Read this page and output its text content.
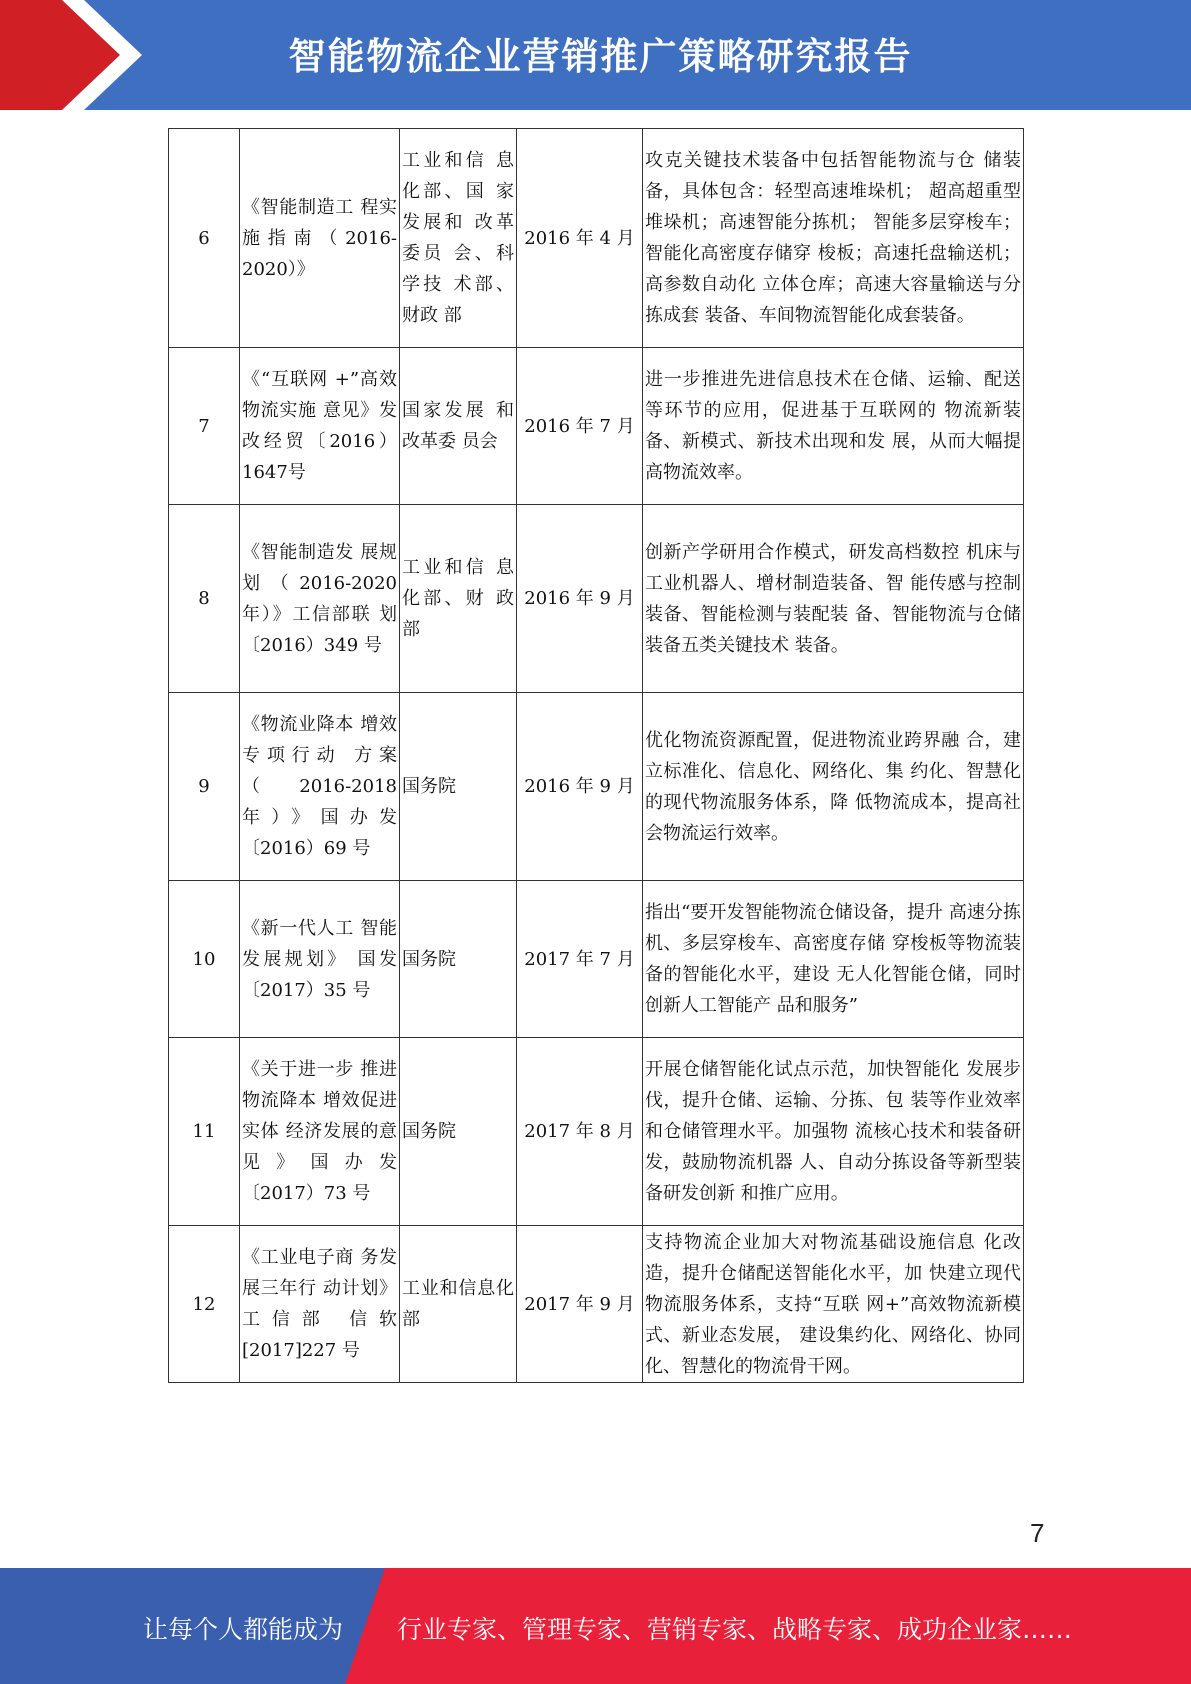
智能物流企业营销推广策略研究报告
6	《智能制造工 程实施指南（2016-2020）》	工业和信 息化部、国 家发展和 改革委员 会、科学技 术部、财政 部	2016 年 4 月	攻克关键技术装备中包括智能物流与仓 储装备，具体包含：轻型高速堆垛机； 超高超重型堆垛机；高速智能分拣机； 智能多层穿梭车；智能化高密度存储穿 梭板；高速托盘输送机；高参数自动化 立体仓库；高速大容量输送与分拣成套 装备、车间物流智能化成套装备。
7	《“互联网 +”高效物流实施 意见》发改经贸〔2016）1647号	国家发展 和改革委 员会	2016 年 7 月	进一步推进先进信息技术在仓储、运输、配送等环节的应用，促进基于互联网的 物流新装备、新模式、新技术出现和发 展，从而大幅提高物流效率。
8	《智能制造发 展规 划 （ 2016-2020 年）》工信部联 划〔2016）349 号	工业和信 息化部、财 政部	2016 年 9 月	创新产学研用合作模式，研发高档数控 机床与工业机器人、增材制造装备、智 能传感与控制装备、智能检测与装配装 备、智能物流与仓储装备五类关键技术 装备。
9	《物流业降本 增效专项行动 方案（2016-2018 年）》国办发〔2016）69 号	国务院	2016 年 9 月	优化物流资源配置，促进物流业跨界融 合，建立标准化、信息化、网络化、集 约化、智慧化的现代物流服务体系，降 低物流成本，提高社会物流运行效率。
10	《新一代人工 智能发展规划》 国发〔2017）35 号	国务院	2017 年 7 月	指出“要开发智能物流仓储设备，提升 高速分拣机、多层穿梭车、高密度存储 穿梭板等物流装备的智能化水平，建设 无人化智能仓储，同时创新人工智能产 品和服务”
11	《关于进一步 推进物流降本 增效促进实体 经济发展的意 见》国办发〔2017）73 号	国务院	2017 年 8 月	开展仓储智能化试点示范，加快智能化 发展步伐，提升仓储、运输、分拣、包 装等作业效率和仓储管理水平。加强物 流核心技术和装备研发，鼓励物流机器 人、自动分拣设备等新型装备研发创新 和推广应用。
12	《工业电子商 务发展三年行 动计划》工信部 信软[2017]227 号	工业和信息化部	2017 年 9 月	支持物流企业加大对物流基础设施信息 化改造，提升仓储配送智能化水平，加 快建立现代物流服务体系，支持“互联 网+”高效物流新模式、新业态发展， 建设集约化、网络化、协同化、智慧化的物流骨干网。
7
让每个人都能成为 行业专家、管理专家、营销专家、战略专家、成功企业家……
